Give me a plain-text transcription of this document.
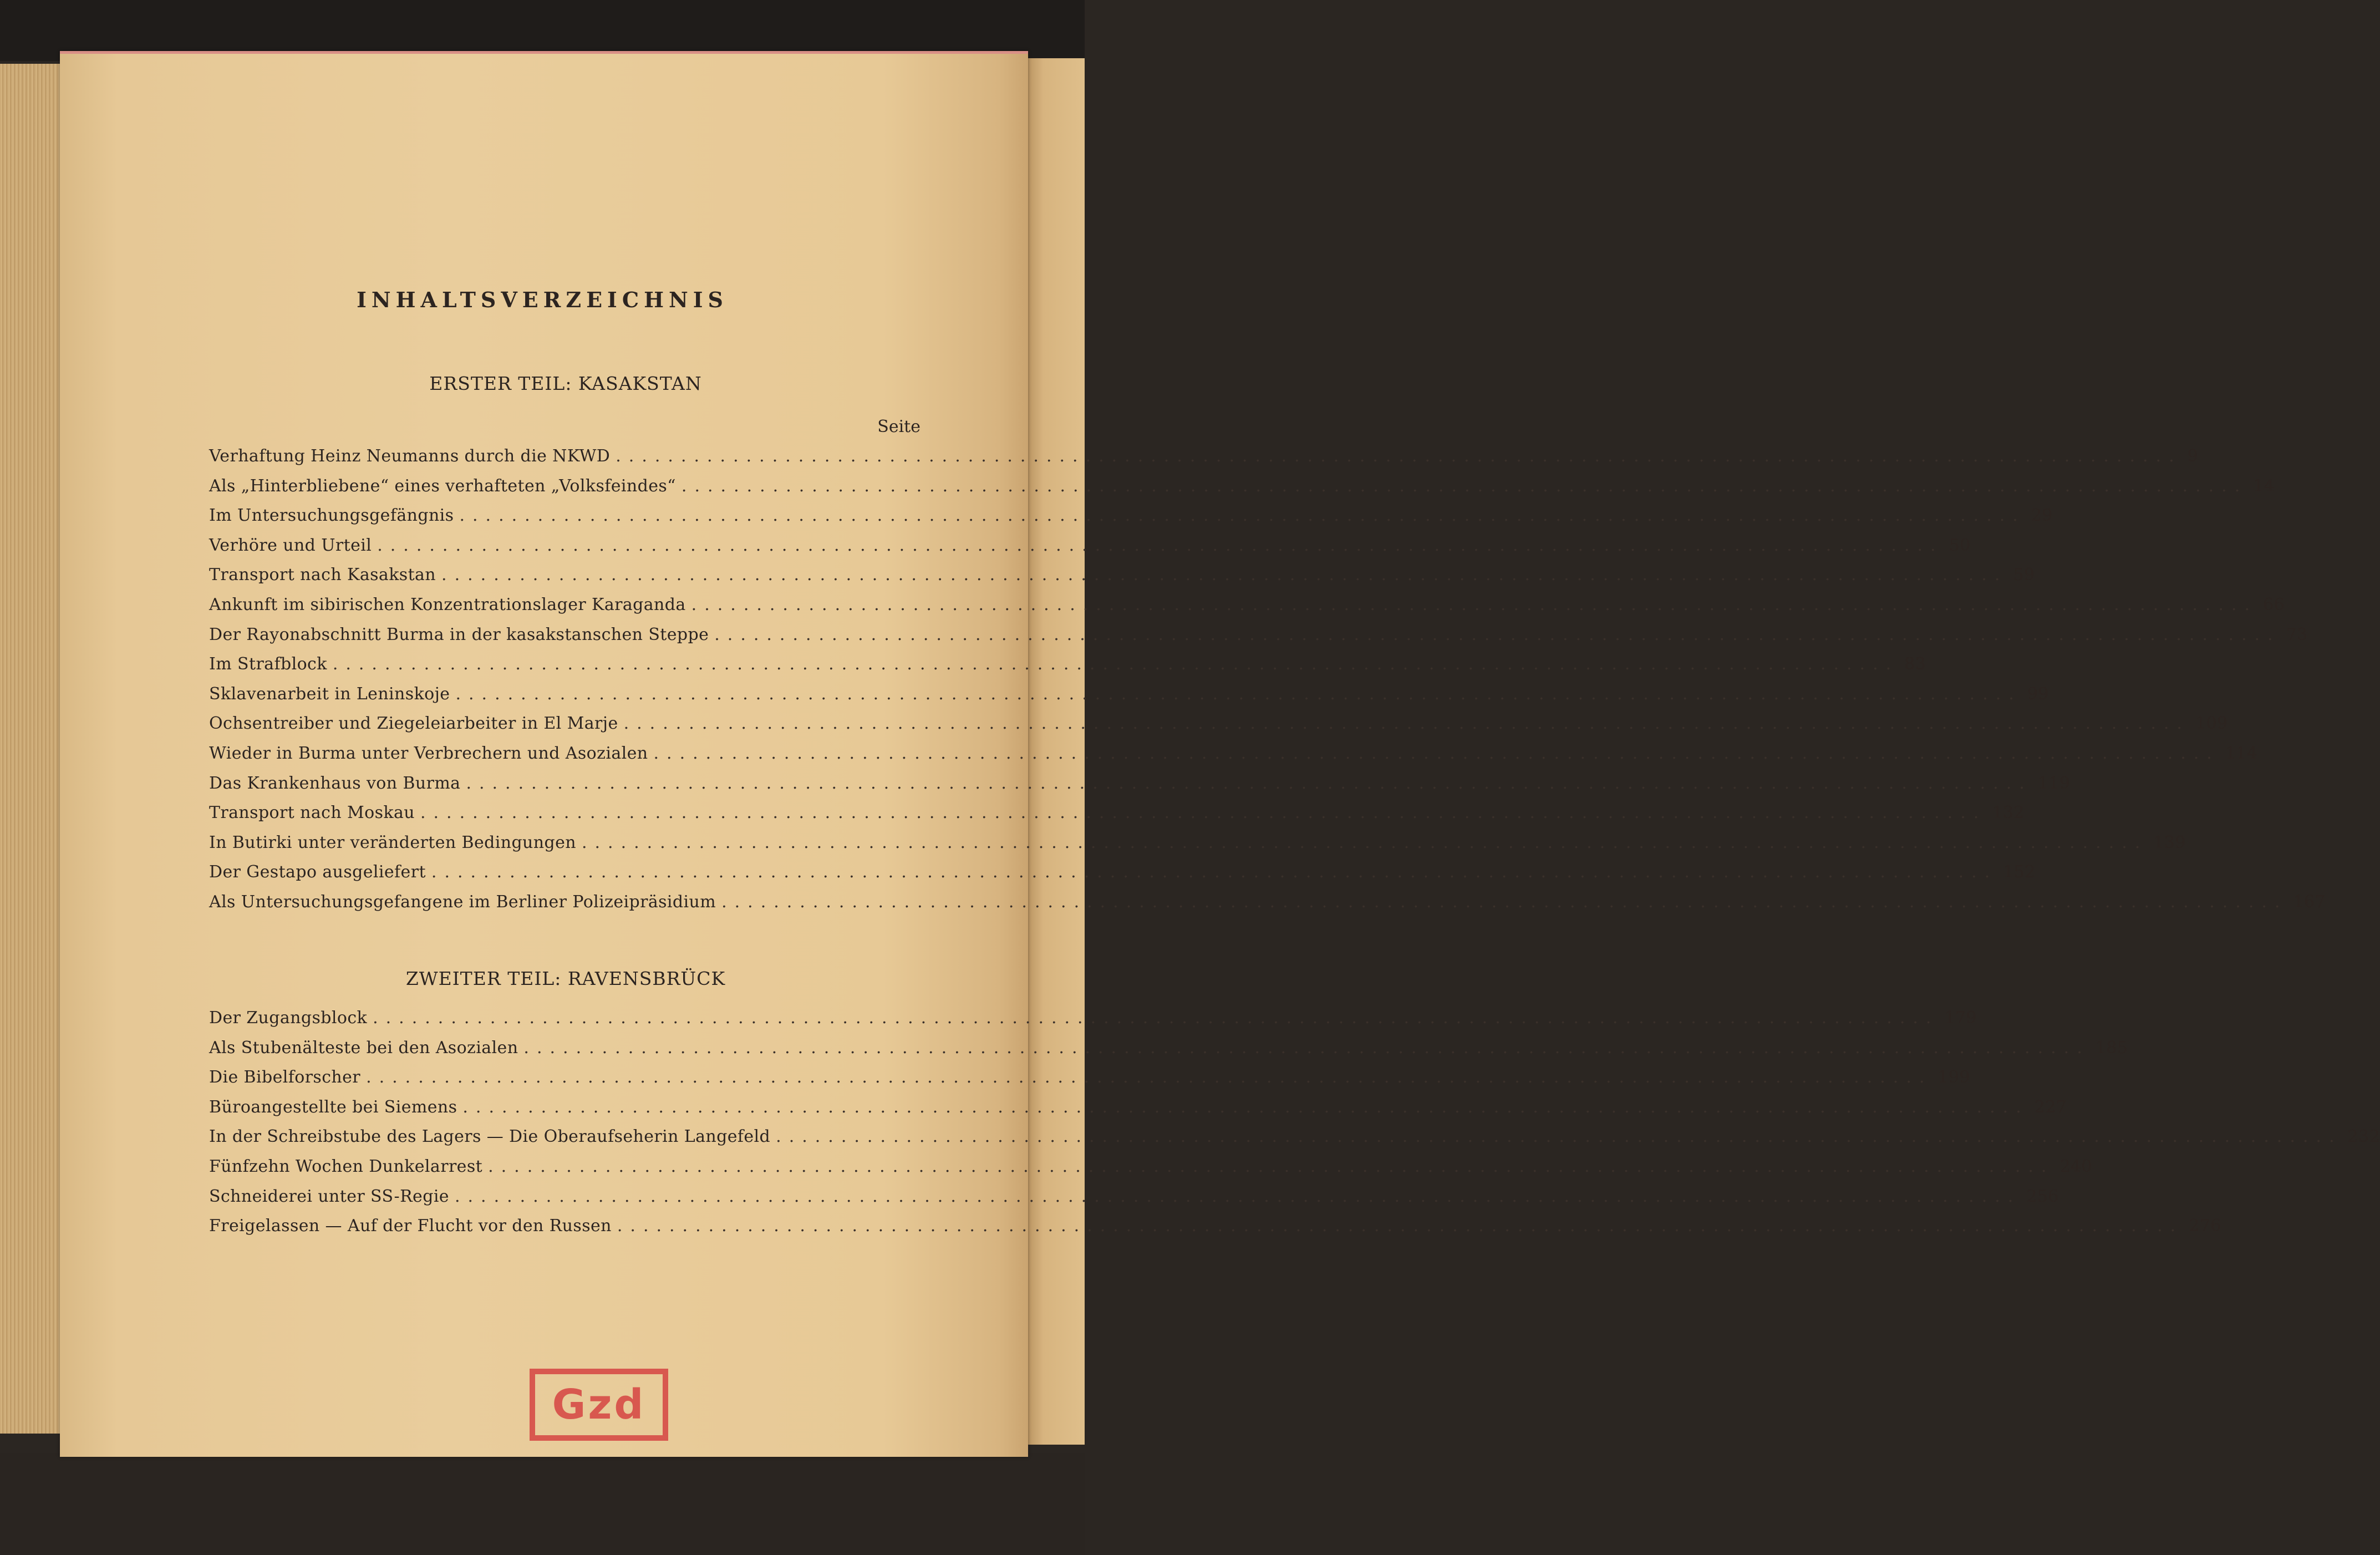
INHALTSVERZEICHNIS
ERSTER TEIL: KASAKSTAN
Seite
Verhaftung Heinz Neumanns durch die NKWD ........................................................................................................................ 9
Als „Hinterbliebene“ eines verhafteten „Volksfeindes“ ........................................................................................................................ 14
Im Untersuchungsgefängnis ........................................................................................................................ 29
Verhöre und Urteil ........................................................................................................................ 50
Transport nach Kasakstan ........................................................................................................................ 59
Ankunft im sibirischen Konzentrationslager Karaganda ........................................................................................................................ 66
Der Rayonabschnitt Burma in der kasakstanschen Steppe ........................................................................................................................ 73
Im Strafblock ........................................................................................................................ 83
Sklavenarbeit in Leninskoje ........................................................................................................................ 99
Ochsentreiber und Ziegeleiarbeiter in El Marje ........................................................................................................................ 109
Wieder in Burma unter Verbrechern und Asozialen ........................................................................................................................ 114
Das Krankenhaus von Burma ........................................................................................................................ 119
Transport nach Moskau ........................................................................................................................ 132
In Butirki unter veränderten Bedingungen ........................................................................................................................ 139
Der Gestapo ausgeliefert ........................................................................................................................ 152
Als Untersuchungsgefangene im Berliner Polizeipräsidium ........................................................................................................................ 167
ZWEITER TEIL: RAVENSBRÜCK
Der Zugangsblock ........................................................................................................................ 179
Als Stubenälteste bei den Asozialen ........................................................................................................................ 185
Die Bibelforscher ........................................................................................................................ 199
Büroangestellte bei Siemens ........................................................................................................................ 227
In der Schreibstube des Lagers — Die Oberaufseherin Langefeld ........................................................................................................................ 232
Fünfzehn Wochen Dunkelarrest ........................................................................................................................ 240
Schneiderei unter SS-Regie ........................................................................................................................ 256
Freigelassen — Auf der Flucht vor den Russen ........................................................................................................................ 276
Gzd
